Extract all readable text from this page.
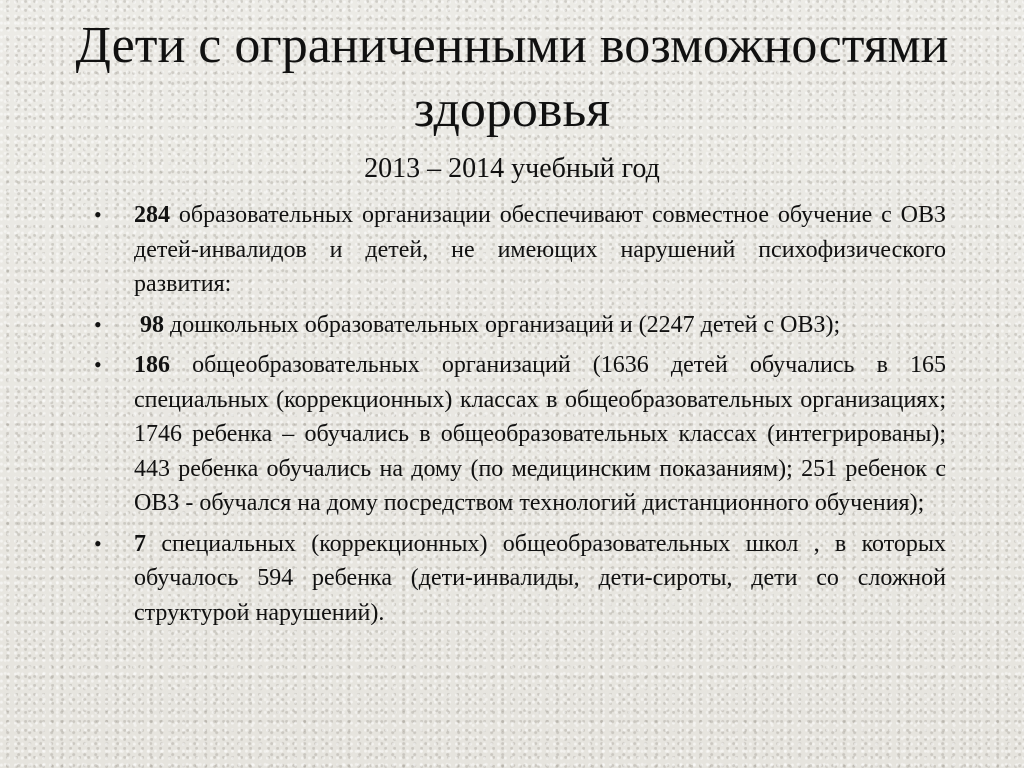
Дети с ограниченными возможностями здоровья

2013 – 2014 учебный год

• 284 образовательных организации обеспечивают совместное обучение с ОВЗ детей-инвалидов и детей, не имеющих нарушений психофизического развития:
• 98 дошкольных образовательных организаций и (2247 детей с ОВЗ);
• 186 общеобразовательных организаций (1636 детей обучались в 165 специальных (коррекционных) классах в общеобразовательных организациях; 1746 ребенка – обучались в общеобразовательных классах (интегрированы); 443 ребенка обучались на дому (по медицинским показаниям); 251 ребенок с ОВЗ - обучался на дому посредством технологий дистанционного обучения);
• 7 специальных (коррекционных) общеобразовательных школ , в которых обучалось 594 ребенка (дети-инвалиды, дети-сироты, дети со сложной структурой нарушений).
